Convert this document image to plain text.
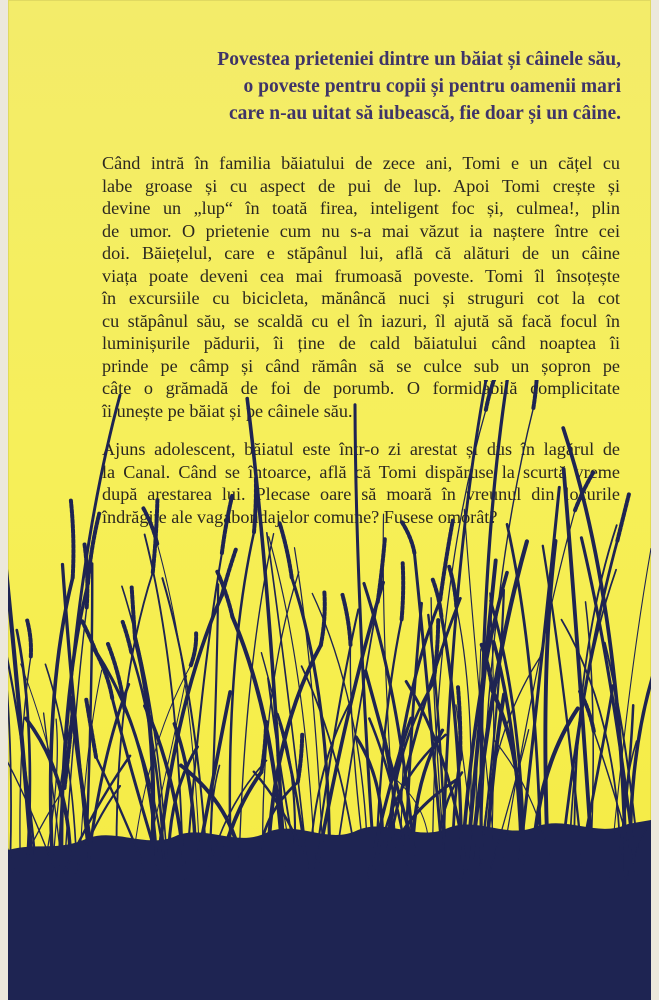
Povestea prieteniei dintre un băiat și câinele său,
o poveste pentru copii și pentru oamenii mari
care n-au uitat să iubească, fie doar și un câine.
Când intră în familia băiatului de zece ani, Tomi e un cățel cu
labe groase și cu aspect de pui de lup. Apoi Tomi crește și
devine un „lup“ în toată firea, inteligent foc și, culmea!, plin
de umor. O prietenie cum nu s-a mai văzut ia naștere între cei
doi. Băiețelul, care e stăpânul lui, află că alături de un câine
viața poate deveni cea mai frumoasă poveste. Tomi îl însoțește
în excursiile cu bicicleta, mănâncă nuci și struguri cot la cot
cu stăpânul său, se scaldă cu el în iazuri, îl ajută să facă focul în
luminișurile pădurii, îi ține de cald băiatului când noaptea îi
prinde pe câmp și când rămân să se culce sub un șopron pe
câte o grămadă de foi de porumb. O formidabilă complicitate
îi unește pe băiat și pe câinele său.
Ajuns adolescent, băiatul este într-o zi arestat și dus în lagărul de
la Canal. Când se întoarce, află că Tomi dispăruse la scurtă vreme
după arestarea lui. Plecase oare să moară în vreunul din locurile
îndrăgite ale vagabondajelor comune? Fusese omorât?
